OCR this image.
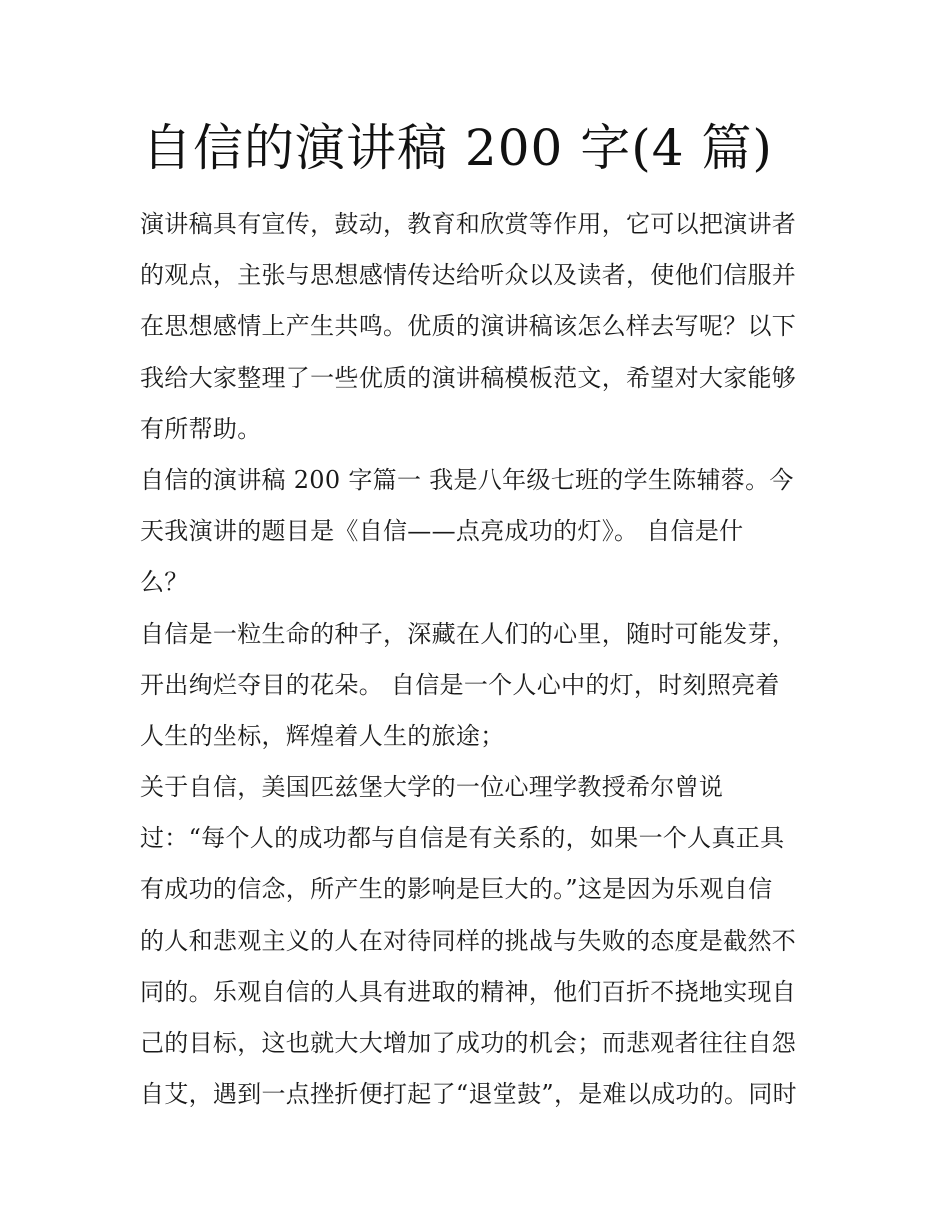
自信的演讲稿 200 字(4 篇)
演讲稿具有宣传，鼓动，教育和欣赏等作用，它可以把演讲者
的观点，主张与思想感情传达给听众以及读者，使他们信服并
在思想感情上产生共鸣。优质的演讲稿该怎么样去写呢？以下
我给大家整理了一些优质的演讲稿模板范文，希望对大家能够
有所帮助。
自信的演讲稿 200 字篇一 我是八年级七班的学生陈辅蓉。今
天我演讲的题目是《自信——点亮成功的灯》。 自信是什
么？
自信是一粒生命的种子，深藏在人们的心里，随时可能发芽，
开出绚烂夺目的花朵。 自信是一个人心中的灯，时刻照亮着
人生的坐标，辉煌着人生的旅途；
关于自信，美国匹兹堡大学的一位心理学教授希尔曾说
过：“每个人的成功都与自信是有关系的，如果一个人真正具
有成功的信念，所产生的影响是巨大的。”这是因为乐观自信
的人和悲观主义的人在对待同样的挑战与失败的态度是截然不
同的。乐观自信的人具有进取的精神，他们百折不挠地实现自
己的目标，这也就大大增加了成功的机会；而悲观者往往自怨
自艾，遇到一点挫折便打起了“退堂鼓”，是难以成功的。同时
